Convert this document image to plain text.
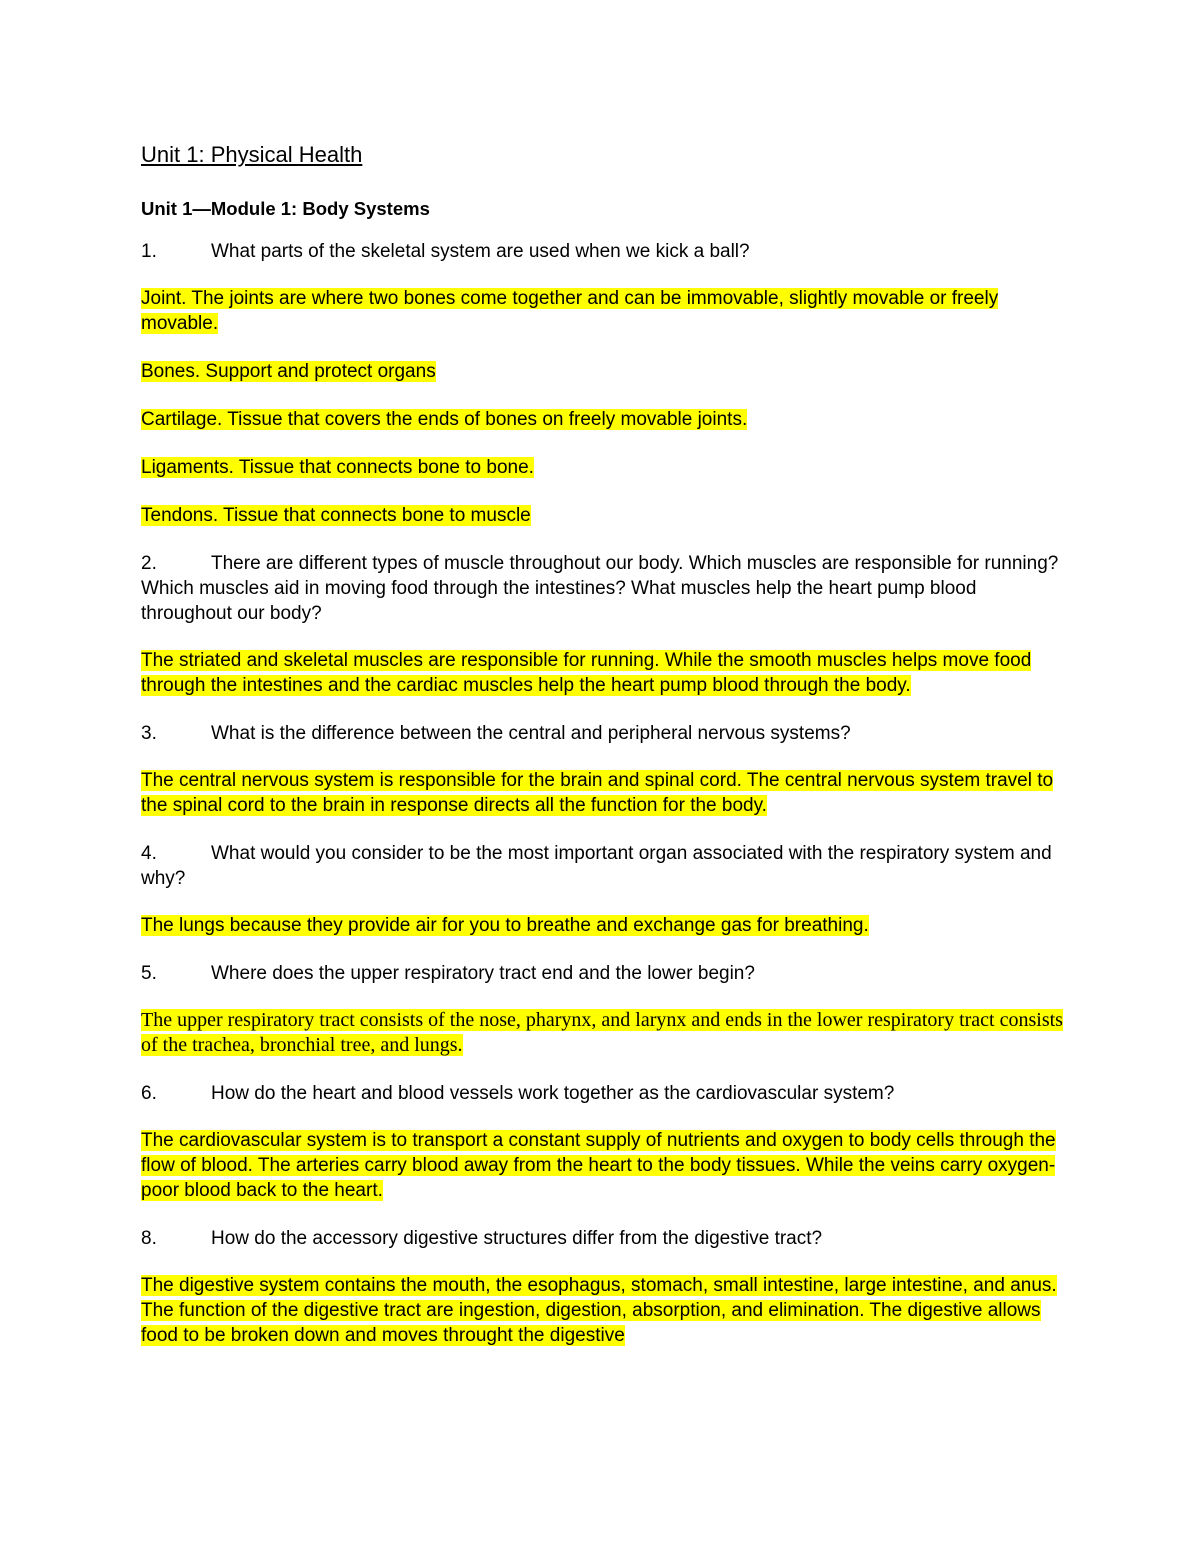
Unit 1: Physical Health
Unit 1—Module 1: Body Systems
1.	What parts of the skeletal system are used when we kick a ball?
Joint. The joints are where two bones come together and can be immovable, slightly movable or freely movable.
Bones. Support and protect organs
Cartilage. Tissue that covers the ends of bones on freely movable joints.
Ligaments. Tissue that connects bone to bone.
Tendons. Tissue that connects bone to muscle
2.	There are different types of muscle throughout our body. Which muscles are responsible for running? Which muscles aid in moving food through the intestines? What muscles help the heart pump blood throughout our body?
The striated and skeletal muscles are responsible for running. While the smooth muscles helps move food through the intestines and the cardiac muscles help the heart pump blood through the body.
3.	What is the difference between the central and peripheral nervous systems?
The central nervous system is responsible for the brain and spinal cord. The central nervous system travel to the spinal cord to the brain in response directs all the function for the body.
4.	What would you consider to be the most important organ associated with the respiratory system and why?
The lungs because they provide air for you to breathe and exchange gas for breathing.
5.	Where does the upper respiratory tract end and the lower begin?
The upper respiratory tract consists of the nose, pharynx, and larynx and ends in the lower respiratory tract consists of the trachea, bronchial tree, and lungs.
6.	How do the heart and blood vessels work together as the cardiovascular system?
The cardiovascular system is to transport a constant supply of nutrients and oxygen to body cells through the flow of blood. The arteries carry blood away from the heart to the body tissues. While the veins carry oxygen-poor blood back to the heart.
8.	How do the accessory digestive structures differ from the digestive tract?
The digestive system contains the mouth, the esophagus, stomach, small intestine, large intestine, and anus. The function of the digestive tract are ingestion, digestion, absorption, and elimination. The digestive allows food to be broken down and moves throught the digestive
